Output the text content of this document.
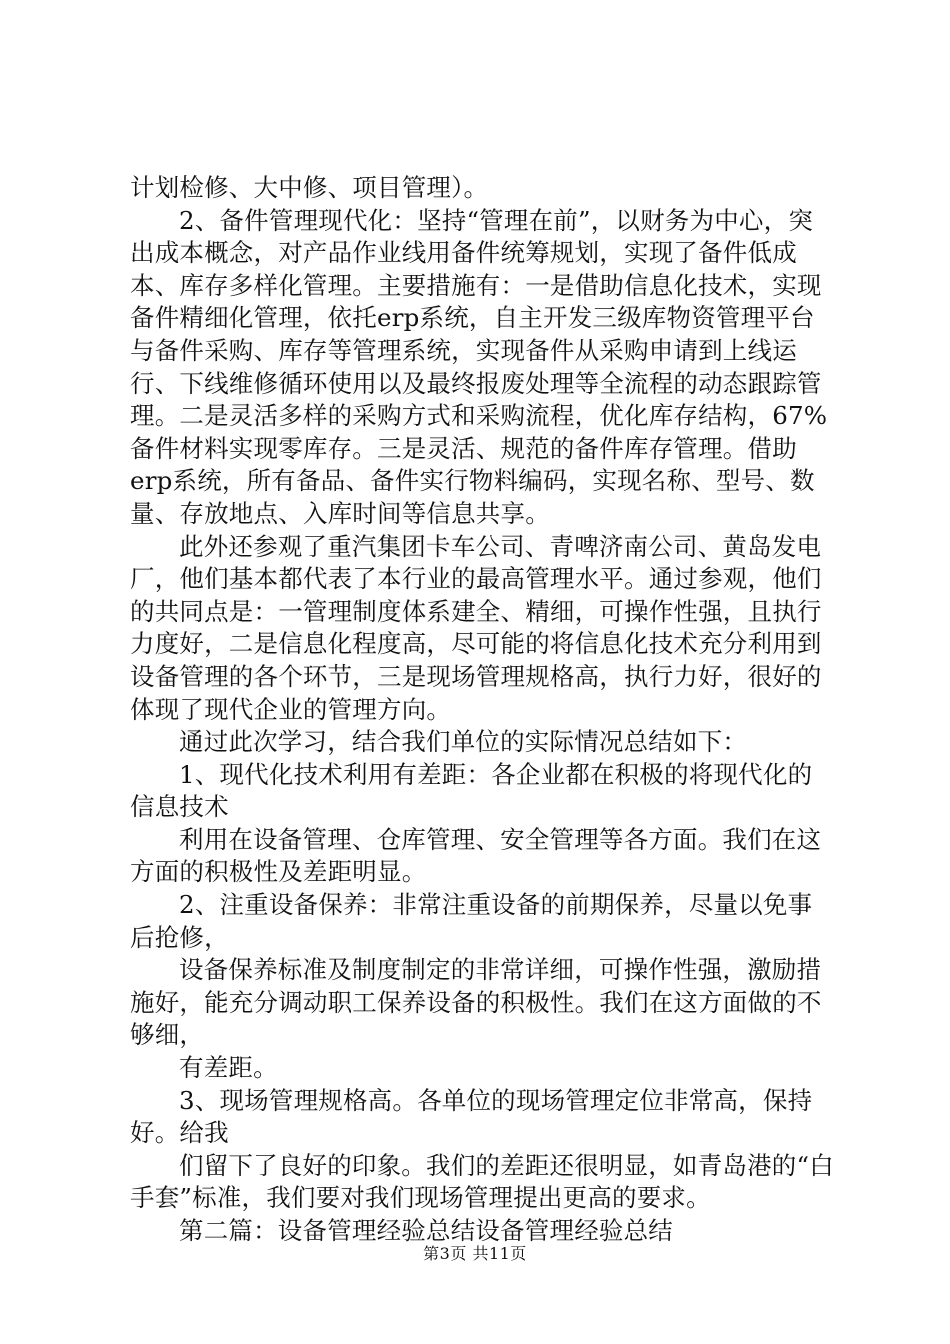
计划检修、大中修、项目管理）。

2、备件管理现代化：坚持“管理在前”，以财务为中心，突出成本概念，对产品作业线用备件统筹规划，实现了备件低成本、库存多样化管理。主要措施有：一是借助信息化技术，实现备件精细化管理，依托erp系统，自主开发三级库物资管理平台与备件采购、库存等管理系统，实现备件从采购申请到上线运行、下线维修循环使用以及最终报废处理等全流程的动态跟踪管理。二是灵活多样的采购方式和采购流程，优化库存结构，67%备件材料实现零库存。三是灵活、规范的备件库存管理。借助erp系统，所有备品、备件实行物料编码，实现名称、型号、数量、存放地点、入库时间等信息共享。

此外还参观了重汽集团卡车公司、青啤济南公司、黄岛发电厂，他们基本都代表了本行业的最高管理水平。通过参观，他们的共同点是：一管理制度体系建全、精细，可操作性强，且执行力度好，二是信息化程度高，尽可能的将信息化技术充分利用到设备管理的各个环节，三是现场管理规格高，执行力好，很好的体现了现代企业的管理方向。

通过此次学习，结合我们单位的实际情况总结如下：

1、现代化技术利用有差距：各企业都在积极的将现代化的信息技术

利用在设备管理、仓库管理、安全管理等各方面。我们在这方面的积极性及差距明显。

2、注重设备保养：非常注重设备的前期保养，尽量以免事后抢修，

设备保养标准及制度制定的非常详细，可操作性强，激励措施好，能充分调动职工保养设备的积极性。我们在这方面做的不够细，

有差距。

3、现场管理规格高。各单位的现场管理定位非常高，保持好。给我

们留下了良好的印象。我们的差距还很明显，如青岛港的“白手套”标准，我们要对我们现场管理提出更高的要求。

第二篇：设备管理经验总结设备管理经验总结

第3页 共11页
